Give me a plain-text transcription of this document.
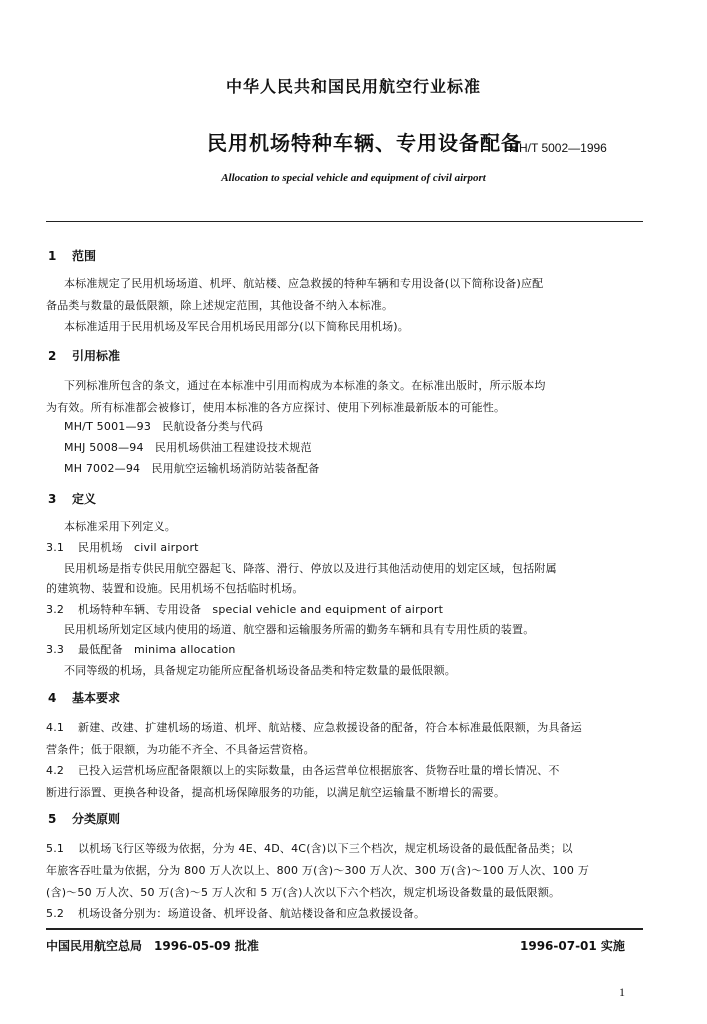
中华人民共和国民用航空行业标准
民用机场特种车辆、专用设备配备
MH/T 5002—1996
Allocation to special vehicle and equipment of civil airport
1 范围
本标准规定了民用机场场道、机坪、航站楼、应急救援的特种车辆和专用设备(以下简称设备)应配
备品类与数量的最低限额，除上述规定范围，其他设备不纳入本标准。
本标准适用于民用机场及军民合用机场民用部分(以下简称民用机场)。
2 引用标准
下列标准所包含的条文，通过在本标准中引用而构成为本标准的条文。在标准出版时，所示版本均
为有效。所有标准都会被修订，使用本标准的各方应探讨、使用下列标准最新版本的可能性。
MH/T 5001—93　民航设备分类与代码
MHJ 5008—94　民用机场供油工程建设技术规范
MH 7002—94　民用航空运输机场消防站装备配备
3 定义
本标准采用下列定义。
3.1 民用机场　civil airport
民用机场是指专供民用航空器起飞、降落、滑行、停放以及进行其他活动使用的划定区域，包括附属
的建筑物、装置和设施。民用机场不包括临时机场。
3.2 机场特种车辆、专用设备　special vehicle and equipment of airport
民用机场所划定区域内使用的场道、航空器和运输服务所需的勤务车辆和具有专用性质的装置。
3.3 最低配备　minima allocation
不同等级的机场，具备规定功能所应配备机场设备品类和特定数量的最低限额。
4 基本要求
4.1 新建、改建、扩建机场的场道、机坪、航站楼、应急救援设备的配备，符合本标准最低限额，为具备运
营条件；低于限额，为功能不齐全、不具备运营资格。
4.2 已投入运营机场应配备限额以上的实际数量，由各运营单位根据旅客、货物吞吐量的增长情况、不
断进行添置、更换各种设备，提高机场保障服务的功能，以满足航空运输量不断增长的需要。
5 分类原则
5.1 以机场飞行区等级为依据，分为 4E、4D、4C(含)以下三个档次，规定机场设备的最低配备品类；以
年旅客吞吐量为依据，分为 800 万人次以上、800 万(含)～300 万人次、300 万(含)～100 万人次、100 万
(含)～50 万人次、50 万(含)～5 万人次和 5 万(含)人次以下六个档次，规定机场设备数量的最低限额。
5.2 机场设备分别为：场道设备、机坪设备、航站楼设备和应急救援设备。
中国民用航空总局　1996-05-09 批准	1996-07-01 实施
1
